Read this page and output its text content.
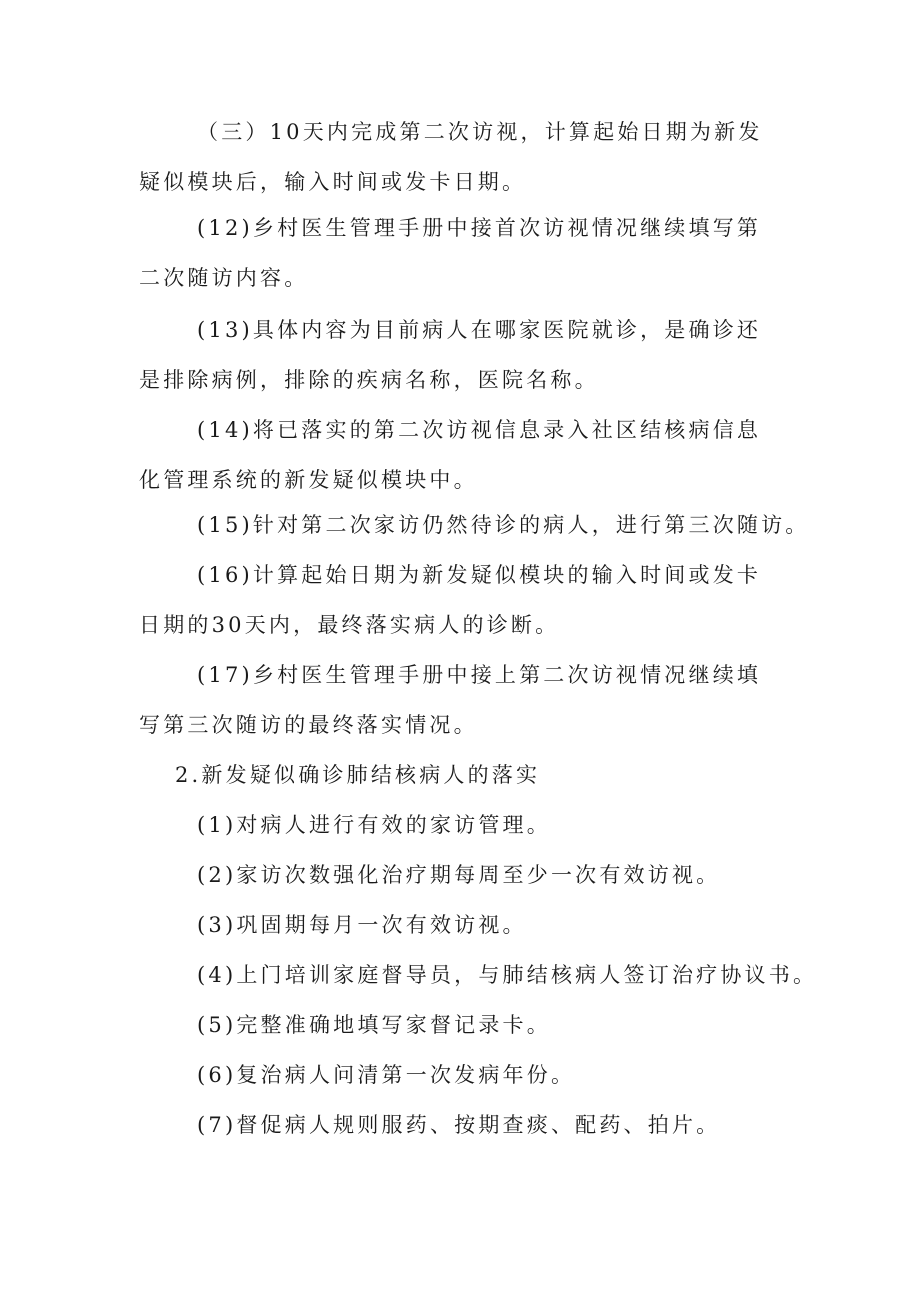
（三）10天内完成第二次访视，计算起始日期为新发疑似模块后，输入时间或发卡日期。

(12)乡村医生管理手册中接首次访视情况继续填写第二次随访内容。

(13)具体内容为目前病人在哪家医院就诊，是确诊还是排除病例，排除的疾病名称，医院名称。

(14)将已落实的第二次访视信息录入社区结核病信息化管理系统的新发疑似模块中。

(15)针对第二次家访仍然待诊的病人，进行第三次随访。

(16)计算起始日期为新发疑似模块的输入时间或发卡日期的30天内，最终落实病人的诊断。

(17)乡村医生管理手册中接上第二次访视情况继续填写第三次随访的最终落实情况。

2.新发疑似确诊肺结核病人的落实

(1)对病人进行有效的家访管理。

(2)家访次数强化治疗期每周至少一次有效访视。

(3)巩固期每月一次有效访视。

(4)上门培训家庭督导员，与肺结核病人签订治疗协议书。

(5)完整准确地填写家督记录卡。

(6)复治病人问清第一次发病年份。

(7)督促病人规则服药、按期查痰、配药、拍片。
